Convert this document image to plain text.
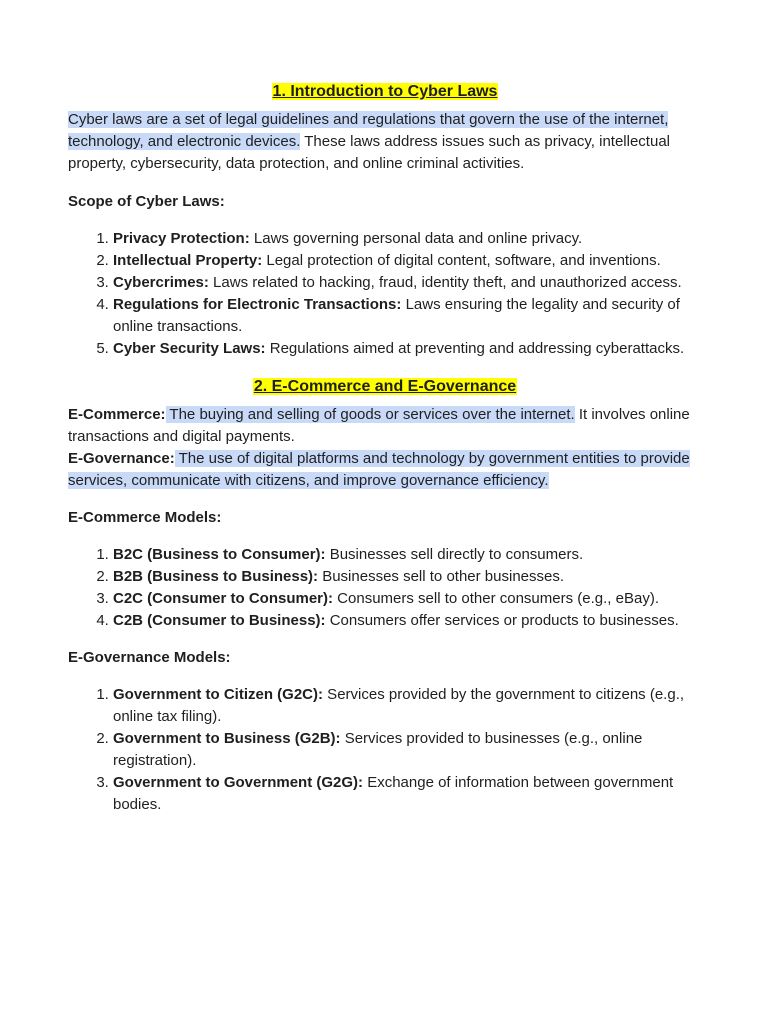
1. Introduction to Cyber Laws

Cyber laws are a set of legal guidelines and regulations that govern the use of the internet, technology, and electronic devices. These laws address issues such as privacy, intellectual property, cybersecurity, data protection, and online criminal activities.

Scope of Cyber Laws:

1. Privacy Protection: Laws governing personal data and online privacy.
2. Intellectual Property: Legal protection of digital content, software, and inventions.
3. Cybercrimes: Laws related to hacking, fraud, identity theft, and unauthorized access.
4. Regulations for Electronic Transactions: Laws ensuring the legality and security of online transactions.
5. Cyber Security Laws: Regulations aimed at preventing and addressing cyberattacks.
2. E-Commerce and E-Governance

E-Commerce: The buying and selling of goods or services over the internet. It involves online transactions and digital payments.

E-Governance: The use of digital platforms and technology by government entities to provide services, communicate with citizens, and improve governance efficiency.

E-Commerce Models:

1. B2C (Business to Consumer): Businesses sell directly to consumers.
2. B2B (Business to Business): Businesses sell to other businesses.
3. C2C (Consumer to Consumer): Consumers sell to other consumers (e.g., eBay).
4. C2B (Consumer to Business): Consumers offer services or products to businesses.

E-Governance Models:

1. Government to Citizen (G2C): Services provided by the government to citizens (e.g., online tax filing).
2. Government to Business (G2B): Services provided to businesses (e.g., online registration).
3. Government to Government (G2G): Exchange of information between government bodies.
